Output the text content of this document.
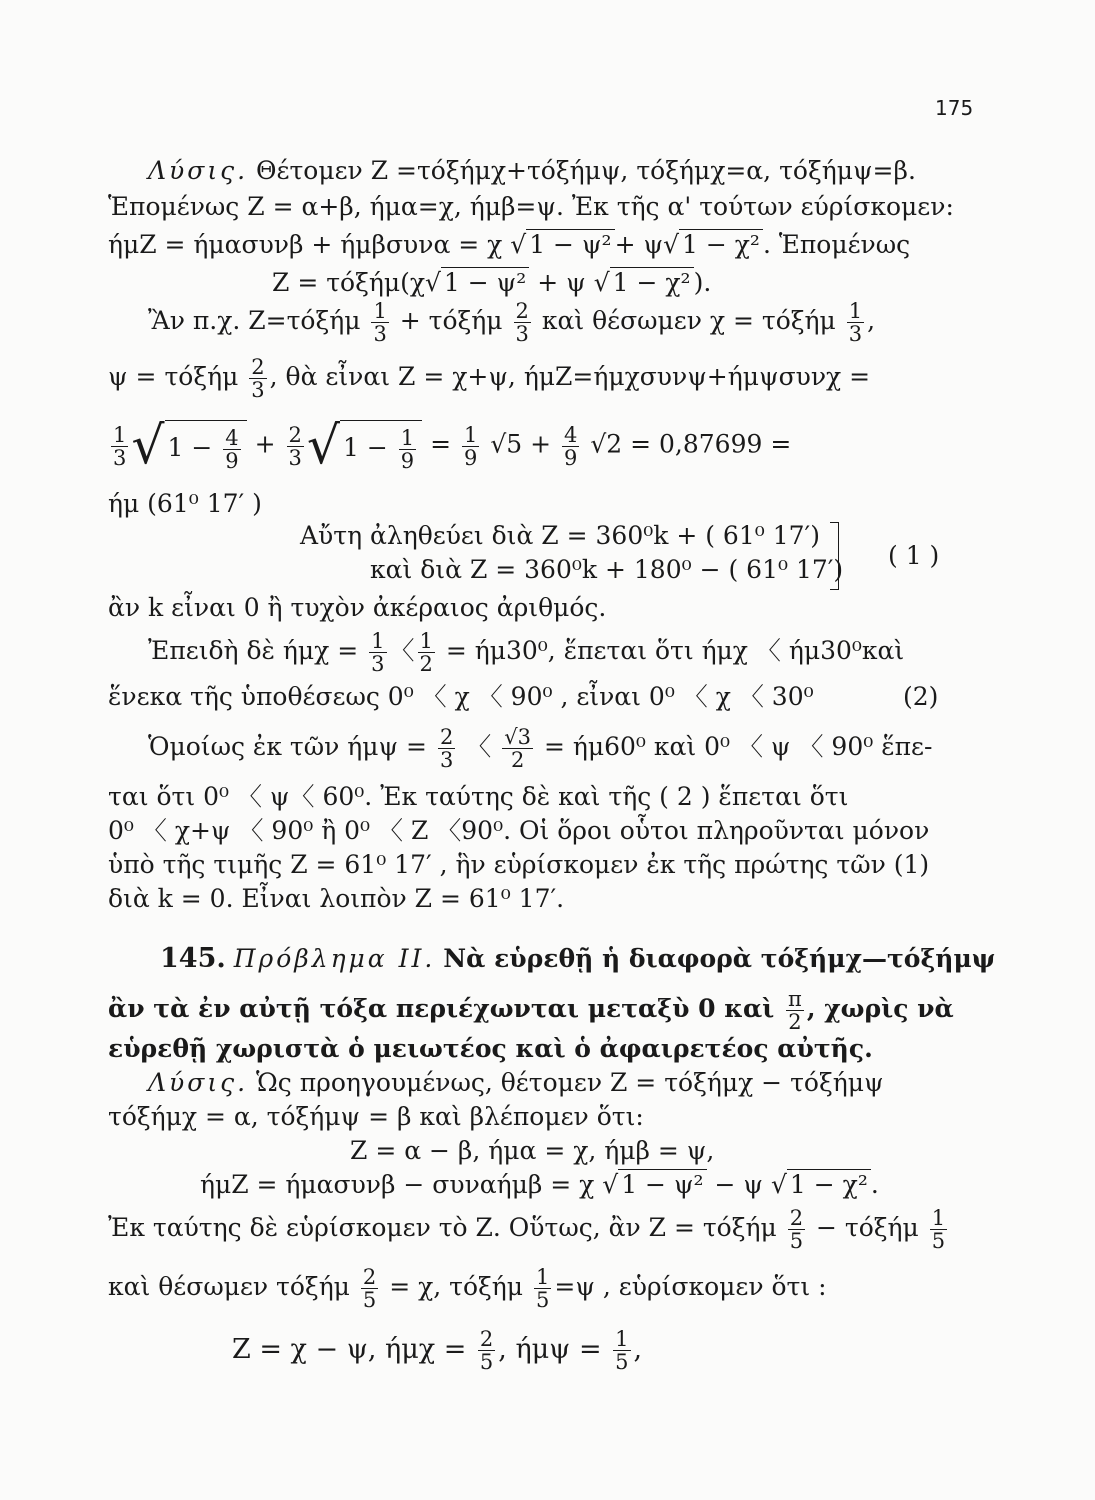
175
Λύσις. Θέτομεν Ζ =τόξήμχ+τόξήμψ, τόξήμχ=α, τόξήμψ=β.
Ἑπομένως Ζ = α+β, ήμα=χ, ήμβ=ψ. Ἐκ τῆς α' τούτων εύρίσκομεν:
ήμΖ = ήμασυνβ + ήμβσυνα = χ √ 1 − ψ² + ψ√ 1 − χ² . Ἑπομένως
Ζ = τόξήμ(χ√ 1 − ψ² + ψ √ 1 − χ² ).
Ἂν π.χ. $Z=\tau ό\xi ή\mu \frac{1}{3} + \tau ό\xi ή\mu \frac{2}{3}$ καὶ θέσωμεν χ = τόξήμ $\frac{1}{3}$ ,
ψ = τόξήμ $\frac{2}{3}$ , θὰ εἶναι Ζ = χ+ψ, ήμΖ=ήμχσυνψ+ήμψσυνχ =
$\frac{1}{3}$ √ $1 - \frac{4}{9} + \frac{2}{3}$ √ $1 - \frac{1}{9} = \frac{1}{9} √5 + \frac{4}{9} √2 = 0,87699$ =
ήμ (61⁰ 17′ )
Αὔτη ἀληθεύει διὰ Ζ = 360⁰k + ( 61⁰ 17′)
καὶ διὰ Ζ = 360⁰k + 180⁰ − ( 61⁰ 17′) ( 1 )
ἂν k εἶναι 0 ἢ τυχὸν ἀκέραιος ἀριθμός.
Ἐπειδὴ δὲ $ή\mu\chi = \frac{1}{3}$ 〈 $\frac{1}{2} = ή\mu 30^0$, ἕπεται ὅτι ήμχ 〈 ήμ30⁰καὶ
ἕνεκα τῆς ὑποθέσεως 0⁰ 〈 χ 〈 90⁰ , εἶναι 0⁰ 〈 χ 〈 30⁰	(2)
Ὁμοίως ἐκ τῶν $ή\mu\psi = \frac{2}{3}$ 〈 $\frac{√3}{2} = ή\mu 60^0$ καὶ 0⁰ 〈 ψ 〈 90⁰ ἕπε-
ται ὅτι 0⁰ 〈 ψ〈 60⁰. Ἐκ ταύτης δὲ καὶ τῆς ( 2 ) ἕπεται ὅτι
0⁰ 〈 χ+ψ 〈 90⁰ ἢ 0⁰ 〈 Ζ 〈90⁰. Οἱ ὅροι οὗτοι πληροῦνται μόνον
ὑπὸ τῆς τιμῆς Ζ = 61⁰ 17′ , ἣν εὑρίσκομεν ἐκ τῆς πρώτης τῶν (1)
διὰ k = 0. Εἶναι λοιπὸν Ζ = 61⁰ 17′.
145. Πρόβλημα ΙΙ. Νὰ εὑρεθῇ ἡ διαφορὰ τόξήμχ—τόξήμψ
ἂν τὰ ἐν αὐτῇ τόξα περιέχωνται μεταξὺ 0 καὶ $\frac{\pi}{2}$ , χωρὶς νὰ
εὑρεθῇ χωριστὰ ὁ μειωτέος καὶ ὁ ἀφαιρετέος αὐτῆς.
Λύσις. Ὡς προηγουμένως, θέτομεν Ζ = τόξήμχ − τόξήμψ
τόξήμχ = α, τόξήμψ = β καὶ βλέπομεν ὅτι:
Ζ = α − β, ήμα = χ, ήμβ = ψ,
ήμΖ = ήμασυνβ − συναήμβ = χ √ 1 − ψ² − ψ √ 1 − χ² .
Ἐκ ταύτης δὲ εὑρίσκομεν τὸ Ζ. Οὕτως, ἂν Ζ = τόξήμ $\frac{2}{5} - \tau ό\xi ή\mu \frac{1}{5}$
καὶ θέσωμεν τόξήμ $\frac{2}{5} = \chi$, τόξήμ $\frac{1}{5} =\psi$ , εὑρίσκομεν ὅτι :
Ζ = χ − ψ, $ή\mu\chi = \frac{2}{5}$ , $ή\mu\psi = \frac{1}{5}$ ,
